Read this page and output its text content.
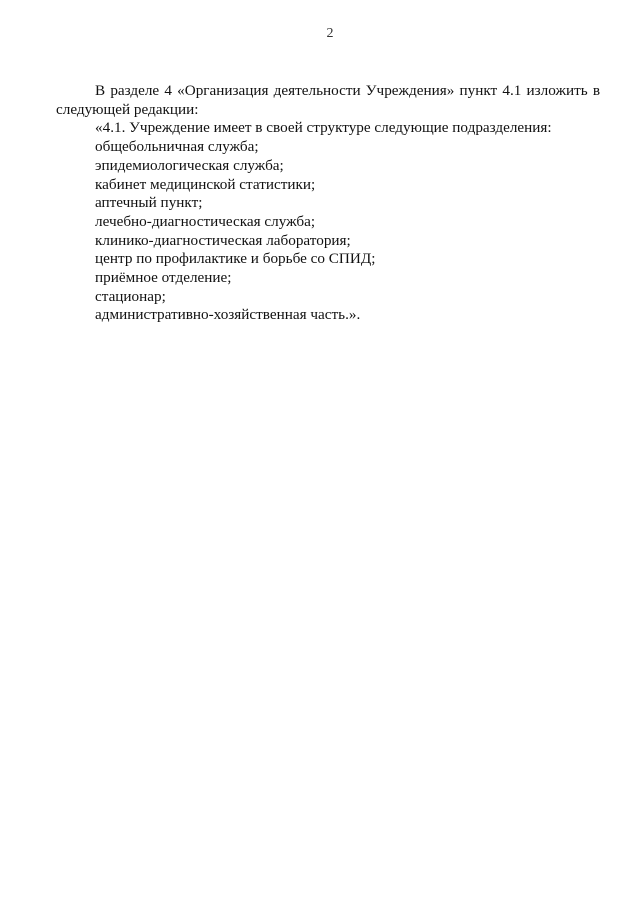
2

В разделе 4 «Организация деятельности Учреждения» пункт 4.1 изложить в следующей редакции:

«4.1. Учреждение имеет в своей структуре следующие подразделения:
общебольничная служба;
эпидемиологическая служба;
кабинет медицинской статистики;
аптечный пункт;
лечебно-диагностическая служба;
клинико-диагностическая лаборатория;
центр по профилактике и борьбе со СПИД;
приёмное отделение;
стационар;
административно-хозяйственная часть.».
